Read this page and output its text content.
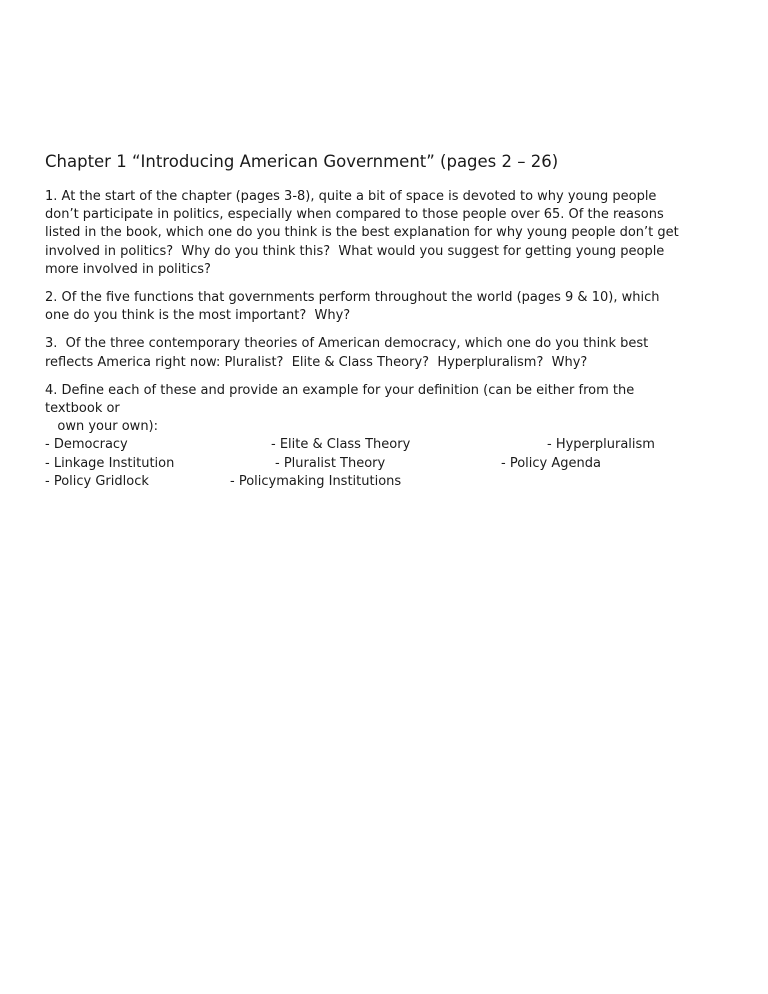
Chapter 1 “Introducing American Government” (pages 2 – 26)

1. At the start of the chapter (pages 3-8), quite a bit of space is devoted to why young people
don’t participate in politics, especially when compared to those people over 65. Of the reasons
listed in the book, which one do you think is the best explanation for why young people don’t get
involved in politics?  Why do you think this?  What would you suggest for getting young people
more involved in politics?

2. Of the five functions that governments perform throughout the world (pages 9 & 10), which
one do you think is the most important?  Why?

3.  Of the three contemporary theories of American democracy, which one do you think best
reflects America right now: Pluralist?  Elite & Class Theory?  Hyperpluralism?  Why?

4. Define each of these and provide an example for your definition (can be either from the
textbook or
own your own):

- Democracy	- Elite & Class Theory	- Hyperpluralism
- Linkage Institution	- Pluralist Theory	- Policy Agenda
- Policy Gridlock	- Policymaking Institutions
